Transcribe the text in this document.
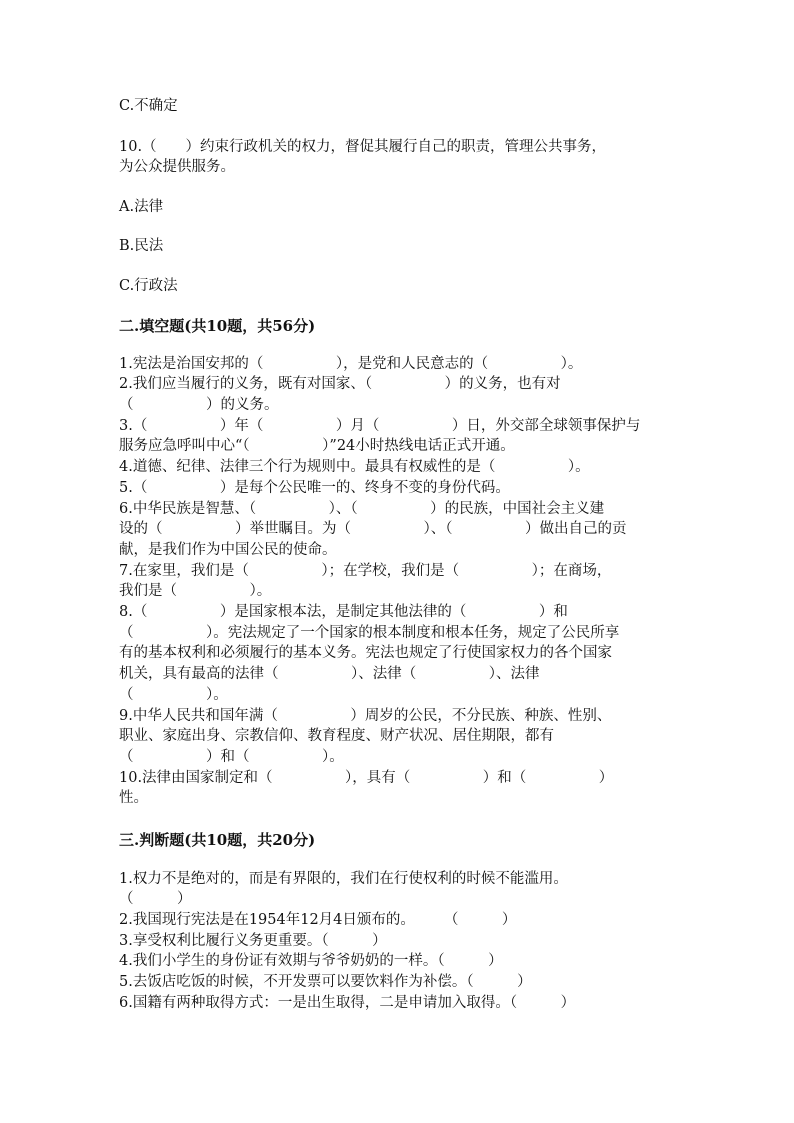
C.不确定
10.（　　）约束行政机关的权力，督促其履行自己的职责，管理公共事务，
为公众提供服务。
A.法律
B.民法
C.行政法
二.填空题(共10题，共56分)
1.宪法是治国安邦的（　　　　　），是党和人民意志的（　　　　　）。
2.我们应当履行的义务，既有对国家、（　　　　　）的义务，也有对
（　　　　　）的义务。
3.（　　　　　）年（　　　　　）月（　　　　　）日，外交部全球领事保护与
服务应急呼叫中心“（　　　　　）”24小时热线电话正式开通。
4.道德、纪律、法律三个行为规则中。最具有权威性的是（　　　　　）。
5.（　　　　　）是每个公民唯一的、终身不变的身份代码。
6.中华民族是智慧、（　　　　　）、（　　　　　）的民族，中国社会主义建
设的（　　　　　）举世瞩目。为（　　　　　）、（　　　　　）做出自己的贡
献，是我们作为中国公民的使命。
7.在家里，我们是（　　　　　）；在学校，我们是（　　　　　）；在商场，
我们是（　　　　　）。
8.（　　　　　）是国家根本法，是制定其他法律的（　　　　　）和
（　　　　　）。宪法规定了一个国家的根本制度和根本任务，规定了公民所享
有的基本权利和必须履行的基本义务。宪法也规定了行使国家权力的各个国家
机关，具有最高的法律（　　　　　）、法律（　　　　　）、法律
（　　　　　）。
9.中华人民共和国年满（　　　　　）周岁的公民，不分民族、种族、性别、
职业、家庭出身、宗教信仰、教育程度、财产状况、居住期限，都有
（　　　　　）和（　　　　　）。
10.法律由国家制定和（　　　　　），具有（　　　　　）和（　　　　　）
性。
三.判断题(共10题，共20分)
1.权力不是绝对的，而是有界限的，我们在行使权利的时候不能滥用。
（　　　）
2.我国现行宪法是在1954年12月4日颁布的。　　　（　　　）
3.享受权利比履行义务更重要。（　　　）
4.我们小学生的身份证有效期与爷爷奶奶的一样。（　　　）
5.去饭店吃饭的时候，不开发票可以要饮料作为补偿。（　　　）
6.国籍有两种取得方式：一是出生取得，二是申请加入取得。（　　　）
